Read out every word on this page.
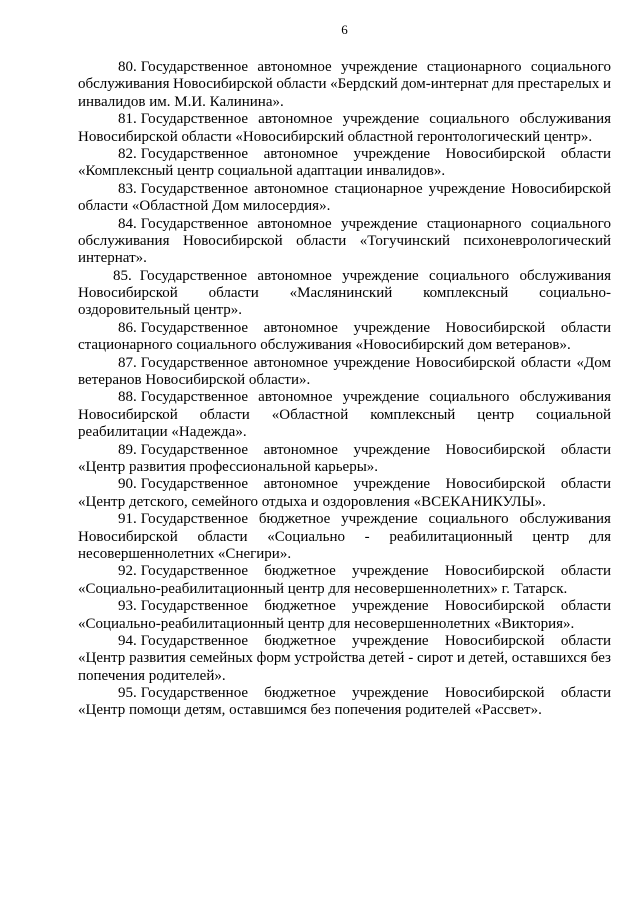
6
80. Государственное автономное учреждение стационарного социального
обслуживания Новосибирской области «Бердский дом-интернат для престарелых и
инвалидов им. М.И. Калинина».
81. Государственное автономное учреждение социального обслуживания
Новосибирской области «Новосибирский областной геронтологический центр».
82. Государственное автономное учреждение Новосибирской области
«Комплексный центр социальной адаптации инвалидов».
83. Государственное автономное стационарное учреждение Новосибирской
области «Областной Дом милосердия».
84. Государственное автономное учреждение стационарного социального
обслуживания Новосибирской области «Тогучинский психоневрологический
интернат».
85. Государственное автономное учреждение социального обслуживания
Новосибирской области «Маслянинский комплексный социально-
оздоровительный центр».
86. Государственное автономное учреждение Новосибирской области
стационарного социального обслуживания «Новосибирский дом ветеранов».
87. Государственное автономное учреждение Новосибирской области «Дом
ветеранов Новосибирской области».
88. Государственное автономное учреждение социального обслуживания
Новосибирской области «Областной комплексный центр социальной
реабилитации «Надежда».
89. Государственное автономное учреждение Новосибирской области
«Центр развития профессиональной карьеры».
90. Государственное автономное учреждение Новосибирской области
«Центр детского, семейного отдыха и оздоровления «ВСЕКАНИКУЛЫ».
91. Государственное бюджетное учреждение социального обслуживания
Новосибирской области «Социально - реабилитационный центр для
несовершеннолетних «Снегири».
92. Государственное бюджетное учреждение Новосибирской области
«Социально-реабилитационный центр для несовершеннолетних» г. Татарск.
93. Государственное бюджетное учреждение Новосибирской области
«Социально-реабилитационный центр для несовершеннолетних «Виктория».
94. Государственное бюджетное учреждение Новосибирской области
«Центр развития семейных форм устройства детей - сирот и детей, оставшихся без
попечения родителей».
95. Государственное бюджетное учреждение Новосибирской области
«Центр помощи детям, оставшимся без попечения родителей «Рассвет».
